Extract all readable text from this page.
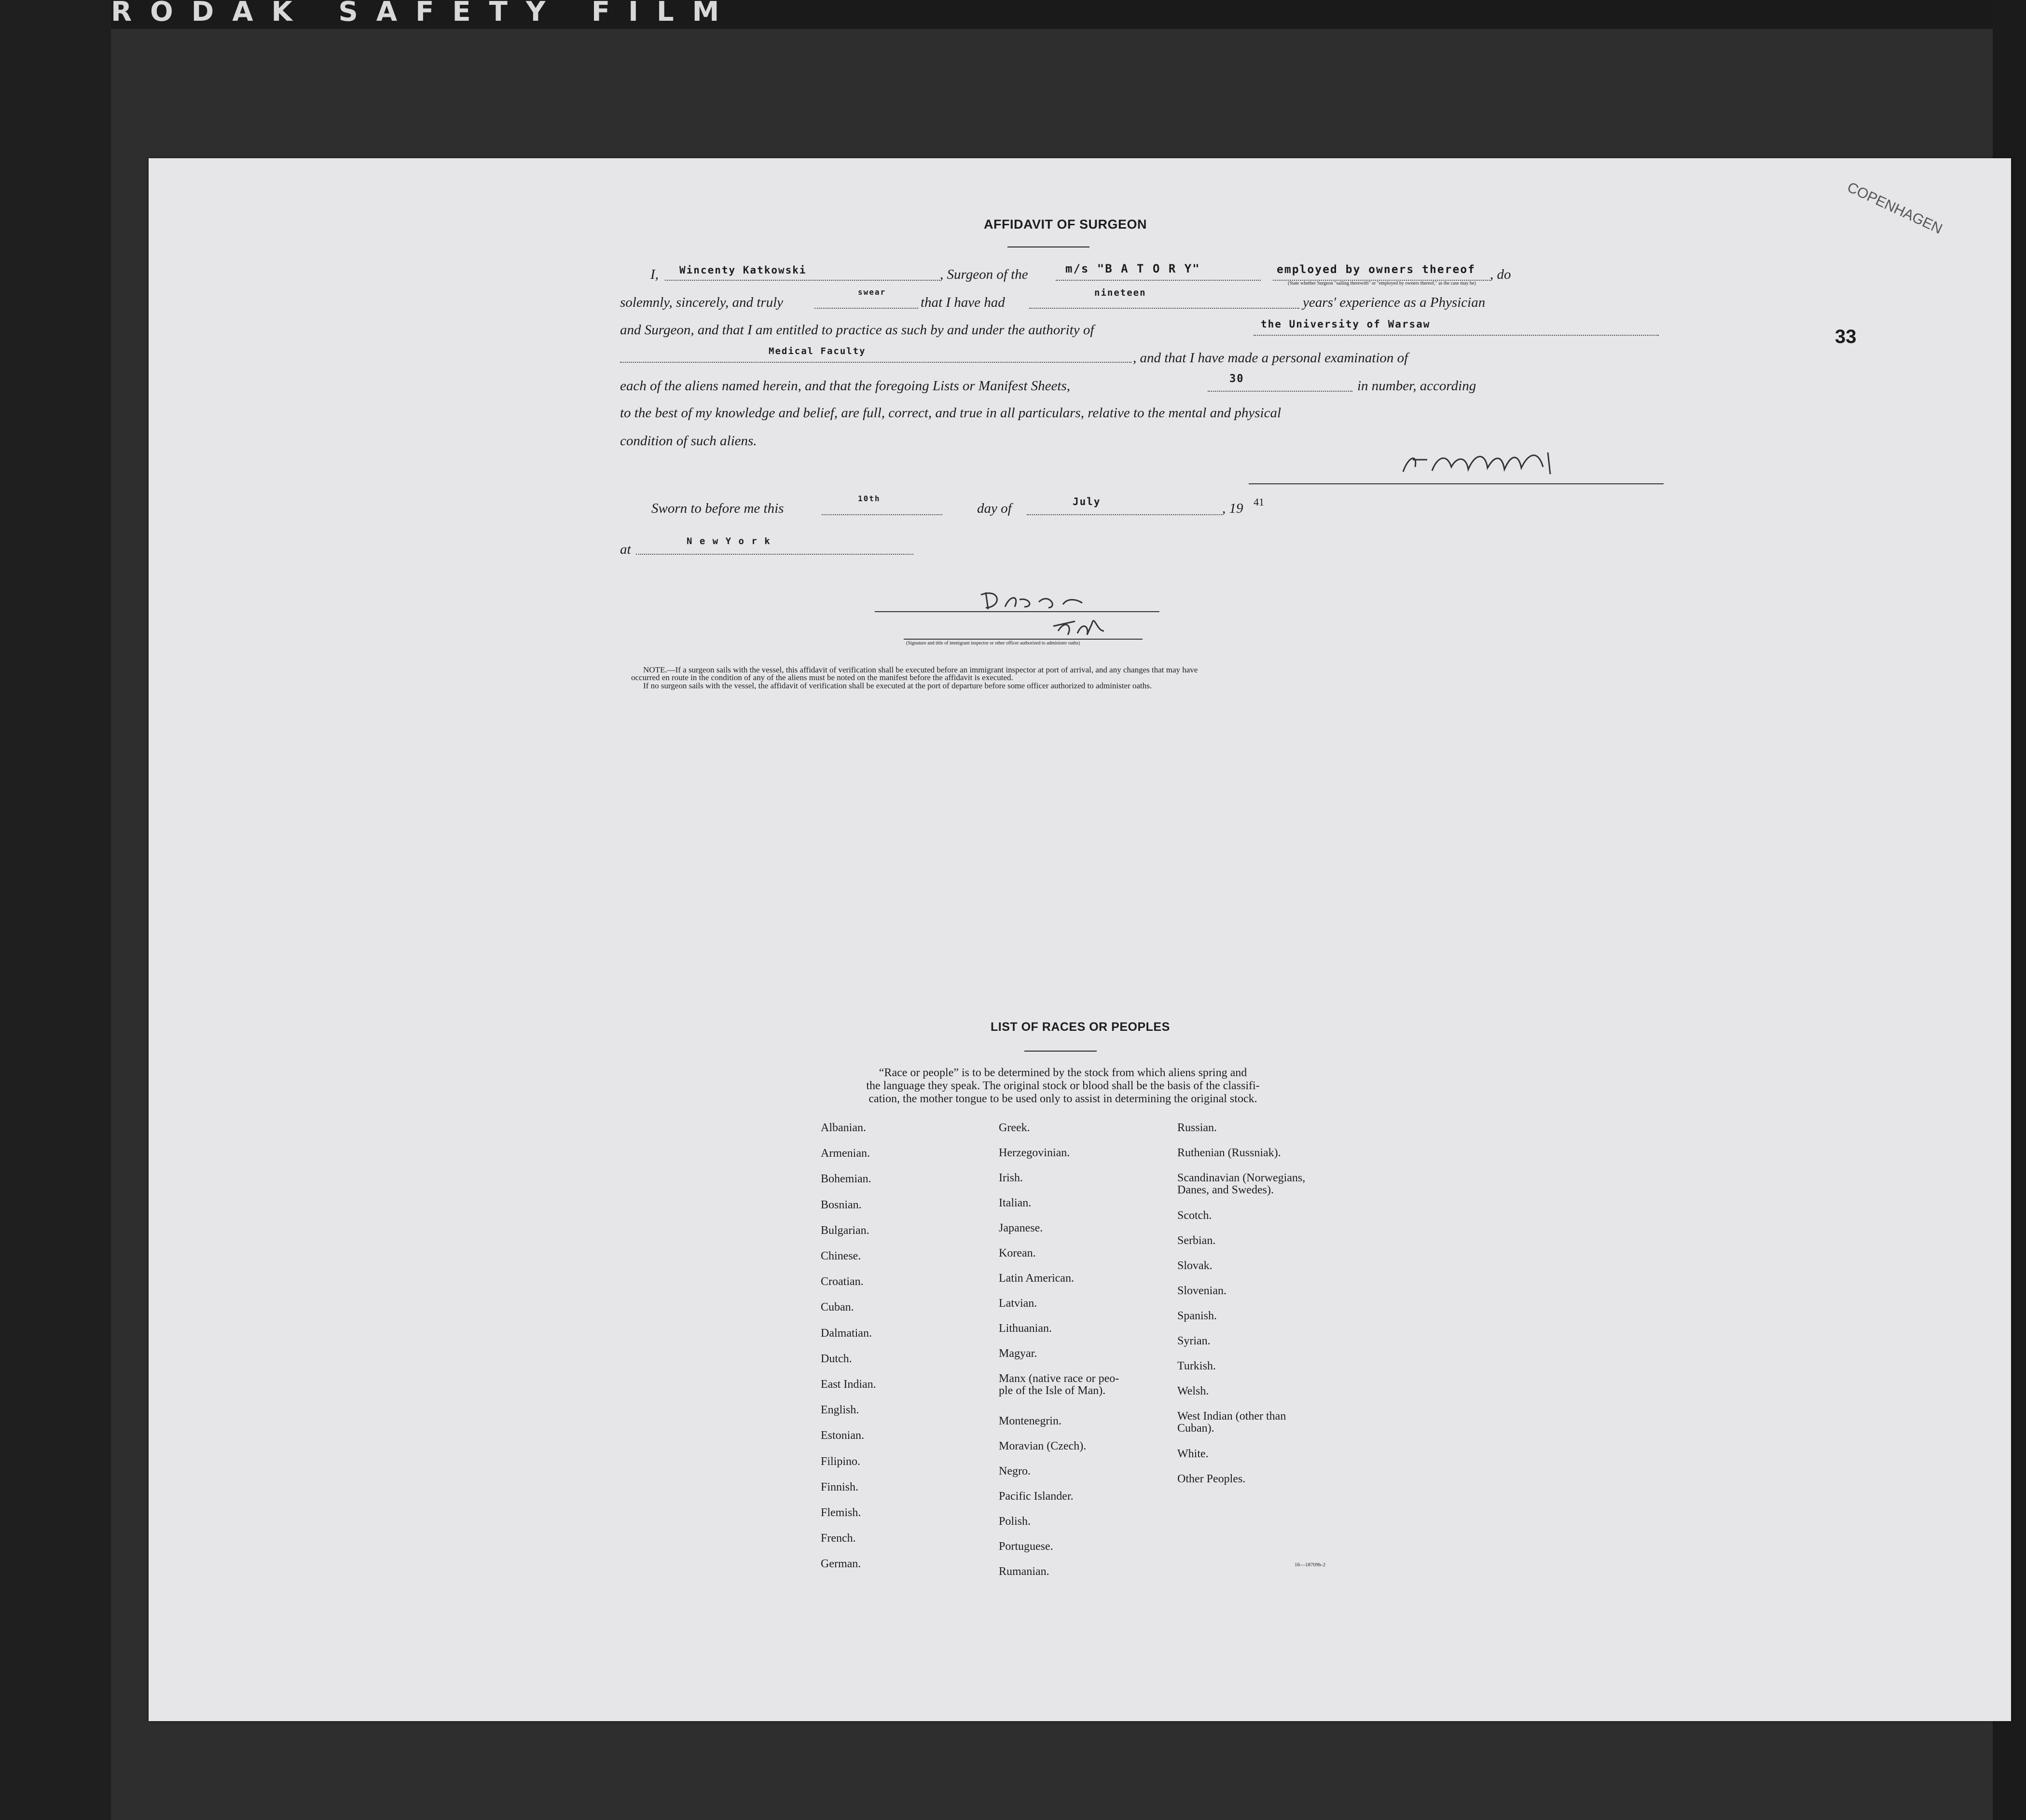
RODAK SAFETY FILM
33
AFFIDAVIT OF SURGEON
I, Wincenty Katkowski	, Surgeon of the	m/s "B A T O R Y"	employed by owners thereof , do
(State whether Surgeon "sailing therewith" or "employed by owners thereof," as the case may be)
solemnly, sincerely, and truly
swear
that I have had
nineteen
years' experience as a Physician
and Surgeon, and that I am entitled to practice as such by and under the authority of	the University of Warsaw
Medical Faculty	, and that I have made a personal examination of
each of the aliens named herein, and that the foregoing Lists or Manifest Sheets,	30	in number, according
to the best of my knowledge and belief, are full, correct, and true in all particulars, relative to the mental and physical
condition of such aliens.
Sworn to before me this
10th
day of	July	, 19 41
at
N e w Y o r k
(Signature and title of immigrant inspector or other officer authorized to administer oaths)
NOTE.—If a surgeon sails with the vessel, this affidavit of verification shall be executed before an immigrant inspector at port of arrival, and any changes that may have
occurred en route in the condition of any of the aliens must be noted on the manifest before the affidavit is executed.
If no surgeon sails with the vessel, the affidavit of verification shall be executed at the port of departure before some officer authorized to administer oaths.
LIST OF RACES OR PEOPLES
“Race or people” is to be determined by the stock from which aliens spring and
the language they speak. The original stock or blood shall be the basis of the classifi-
cation, the mother tongue to be used only to assist in determining the original stock.
16—18709b-2
Albanian.
Armenian.
Bohemian.
Bosnian.
Bulgarian.
Chinese.
Croatian.
Cuban.
Dalmatian.
Dutch.
East Indian.
English.
Estonian.
Filipino.
Finnish.
Flemish.
French.
German.
Greek.
Herzegovinian.
Irish.
Italian.
Japanese.
Korean.
Latin American.
Latvian.
Lithuanian.
Magyar.
Manx (native race or peo-
ple of the Isle of Man).
Montenegrin.
Moravian (Czech).
Negro.
Pacific Islander.
Polish.
Portuguese.
Rumanian.
Russian.
Ruthenian (Russniak).
Scandinavian (Norwegians,
Danes, and Swedes).
Scotch.
Serbian.
Slovak.
Slovenian.
Spanish.
Syrian.
Turkish.
Welsh.
West Indian (other than
Cuban).
White.
Other Peoples.
COPENHAGEN
